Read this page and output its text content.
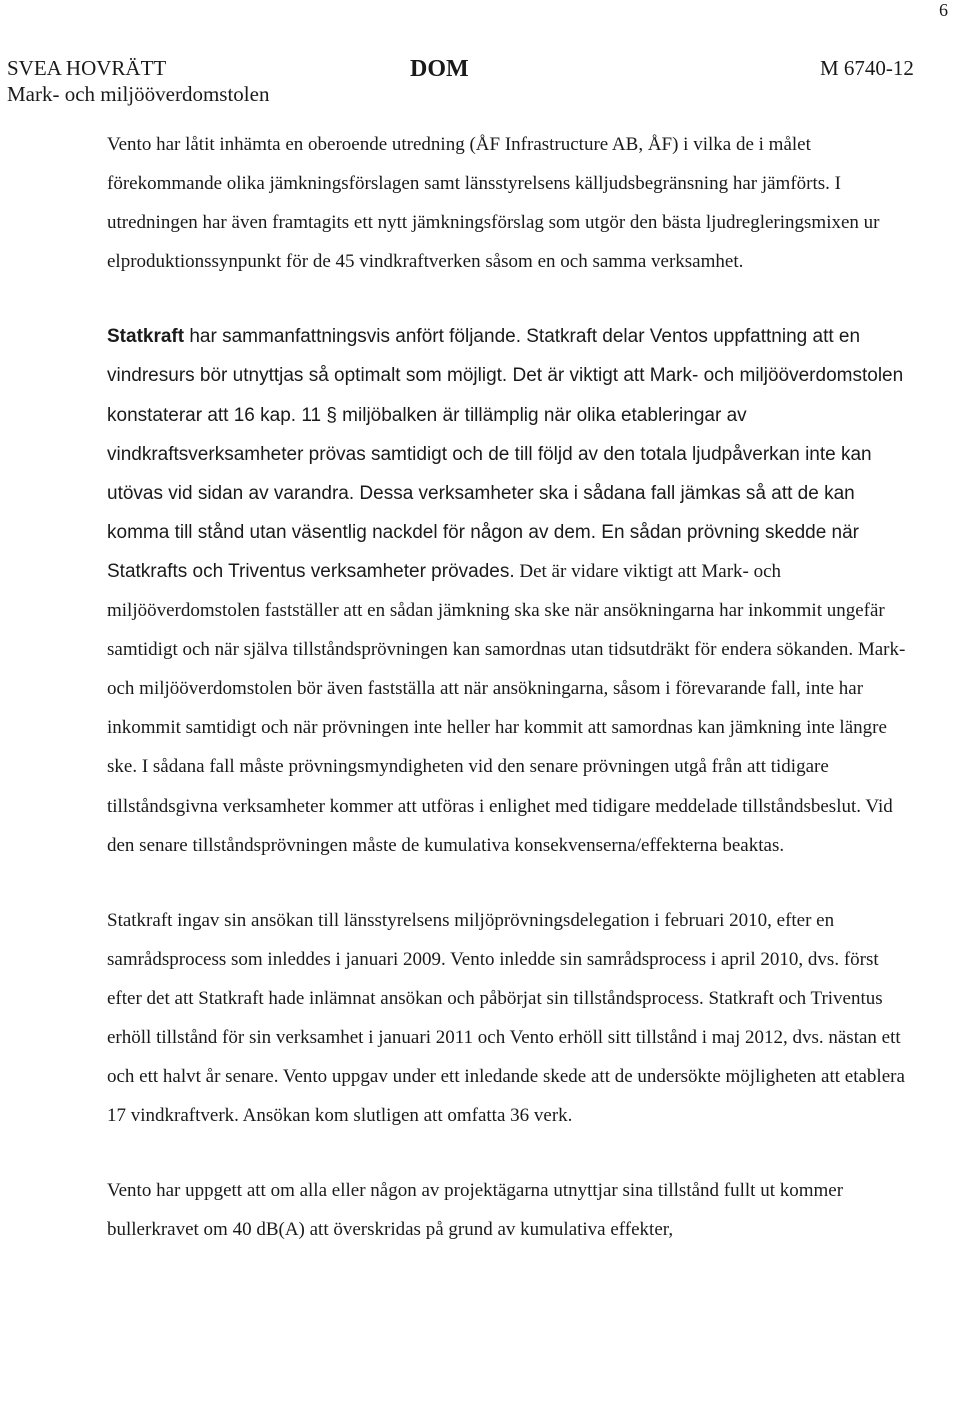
6
SVEA HOVRÄTT
Mark- och miljööverdomstolen
DOM	M 6740-12

Vento har låtit inhämta en oberoende utredning (ÅF Infrastructure AB, ÅF) i vilka de i målet förekommande olika jämkningsförslagen samt länsstyrelsens källjudsbegränsning har jämförts. I utredningen har även framtagits ett nytt jämkningsförslag som utgör den bästa ljudregleringsmixen ur elproduktionssynpunkt för de 45 vindkraftverken såsom en och samma verksamhet.

Statkraft har sammanfattningsvis anfört följande. Statkraft delar Ventos uppfattning att en vindresurs bör utnyttjas så optimalt som möjligt. Det är viktigt att Mark- och miljööverdomstolen konstaterar att 16 kap. 11 § miljöbalken är tillämplig när olika etableringar av vindkraftsverksamheter prövas samtidigt och de till följd av den totala ljudpåverkan inte kan utövas vid sidan av varandra. Dessa verksamheter ska i sådana fall jämkas så att de kan komma till stånd utan väsentlig nackdel för någon av dem. En sådan prövning skedde när Statkrafts och Triventus verksamheter prövades. Det är vidare viktigt att Mark- och miljööverdomstolen fastställer att en sådan jämkning ska ske när ansökningarna har inkommit ungefär samtidigt och när själva tillståndsprövningen kan samordnas utan tidsutdräkt för endera sökanden. Mark- och miljööverdomstolen bör även fastställa att när ansökningarna, såsom i förevarande fall, inte har inkommit samtidigt och när prövningen inte heller har kommit att samordnas kan jämkning inte längre ske. I sådana fall måste prövningsmyndigheten vid den senare prövningen utgå från att tidigare tillståndsgivna verksamheter kommer att utföras i enlighet med tidigare meddelade tillståndsbeslut. Vid den senare tillståndsprövningen måste de kumulativa konsekvenserna/effekterna beaktas.

Statkraft ingav sin ansökan till länsstyrelsens miljöprövningsdelegation i februari 2010, efter en samrådsprocess som inleddes i januari 2009. Vento inledde sin samrådsprocess i april 2010, dvs. först efter det att Statkraft hade inlämnat ansökan och påbörjat sin tillståndsprocess. Statkraft och Triventus erhöll tillstånd för sin verksamhet i januari 2011 och Vento erhöll sitt tillstånd i maj 2012, dvs. nästan ett och ett halvt år senare. Vento uppgav under ett inledande skede att de undersökte möjligheten att etablera 17 vindkraftverk. Ansökan kom slutligen att omfatta 36 verk.

Vento har uppgett att om alla eller någon av projektägarna utnyttjar sina tillstånd fullt ut kommer bullerkravet om 40 dB(A) att överskridas på grund av kumulativa effekter,
